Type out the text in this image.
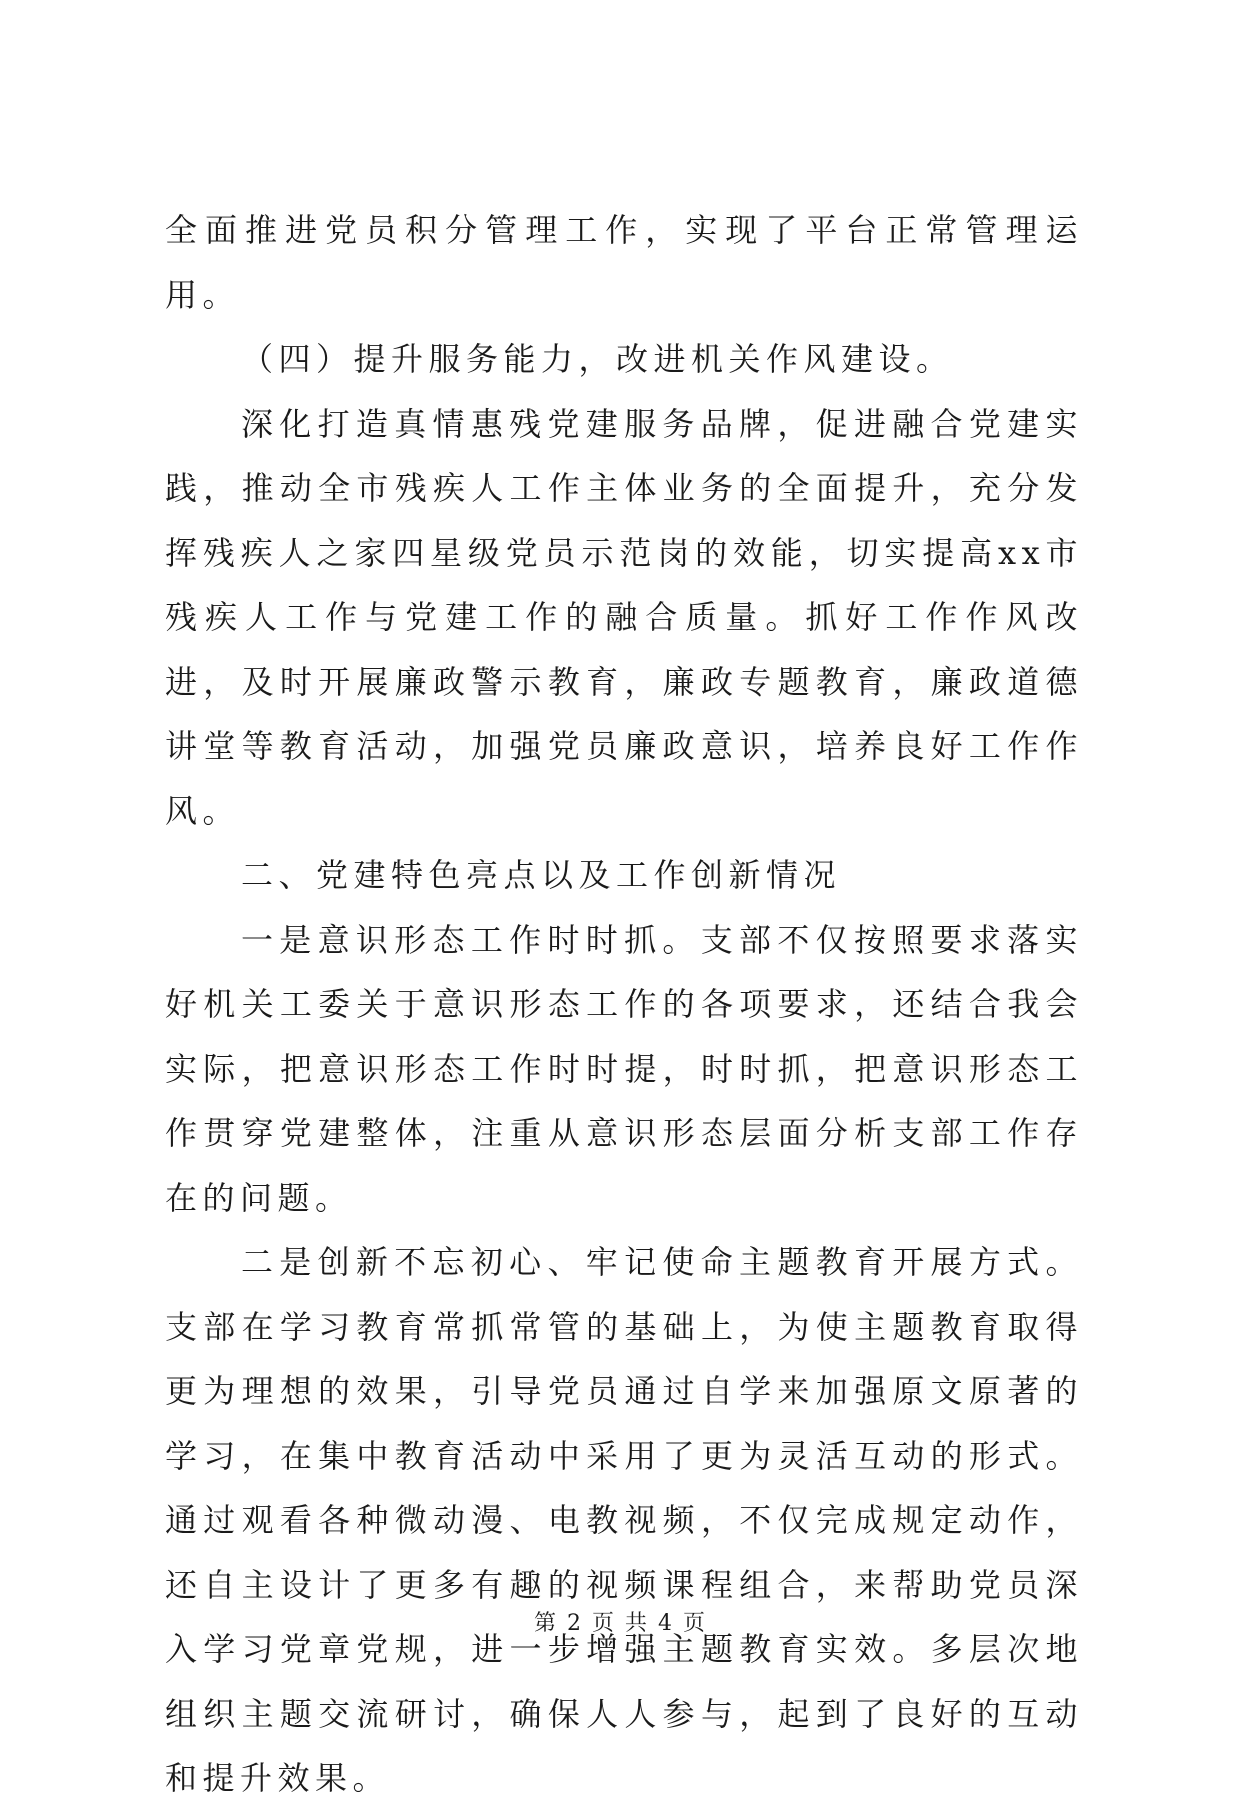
全面推进党员积分管理工作，实现了平台正常管理运用。

（四）提升服务能力，改进机关作风建设。

深化打造真情惠残党建服务品牌，促进融合党建实践，推动全市残疾人工作主体业务的全面提升，充分发挥残疾人之家四星级党员示范岗的效能，切实提高xx市残疾人工作与党建工作的融合质量。抓好工作作风改进，及时开展廉政警示教育，廉政专题教育，廉政道德讲堂等教育活动，加强党员廉政意识，培养良好工作作风。

二、党建特色亮点以及工作创新情况

一是意识形态工作时时抓。支部不仅按照要求落实好机关工委关于意识形态工作的各项要求，还结合我会实际，把意识形态工作时时提，时时抓，把意识形态工作贯穿党建整体，注重从意识形态层面分析支部工作存在的问题。

二是创新不忘初心、牢记使命主题教育开展方式。支部在学习教育常抓常管的基础上，为使主题教育取得更为理想的效果，引导党员通过自学来加强原文原著的学习，在集中教育活动中采用了更为灵活互动的形式。通过观看各种微动漫、电教视频，不仅完成规定动作，还自主设计了更多有趣的视频课程组合，来帮助党员深入学习党章党规，进一步增强主题教育实效。多层次地组织主题交流研讨，确保人人参与，起到了良好的互动和提升效果。

第 2 页 共 4 页
